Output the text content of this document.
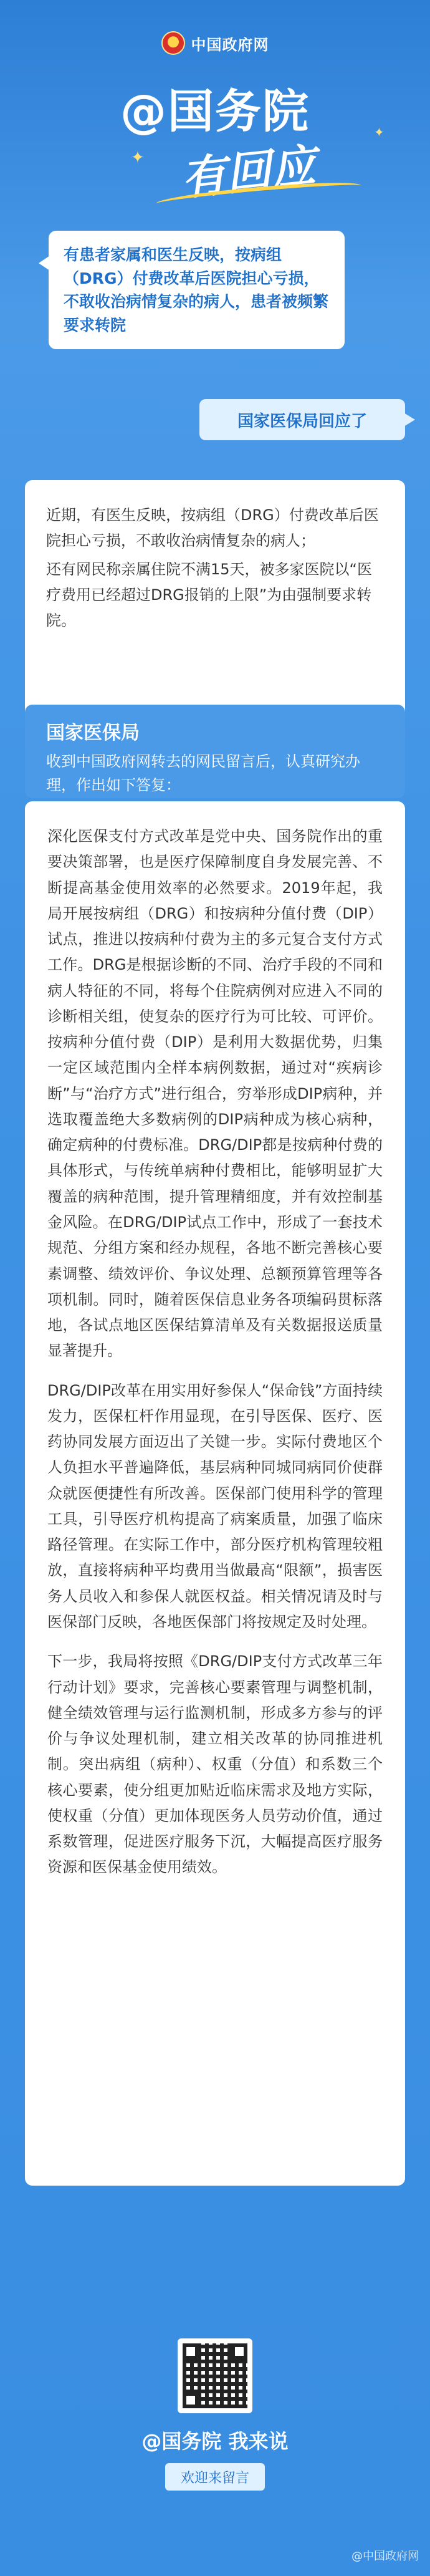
中国政府网
@国务院
有回应
✦
✦
有患者家属和医生反映，按病组（DRG）付费改革后医院担心亏损，不敢收治病情复杂的病人，患者被频繁要求转院
国家医保局回应了

近期，有医生反映，按病组（DRG）付费改革后医院担心亏损，不敢收治病情复杂的病人；

还有网民称亲属住院不满15天，被多家医院以“医疗费用已经超过DRG报销的上限”为由强制要求转院。

国家医保局
收到中国政府网转去的网民留言后，认真研究办理，作出如下答复：

深化医保支付方式改革是党中央、国务院作出的重要决策部署，也是医疗保障制度自身发展完善、不断提高基金使用效率的必然要求。2019年起，我局开展按病组（DRG）和按病种分值付费（DIP）试点，推进以按病种付费为主的多元复合支付方式工作。DRG是根据诊断的不同、治疗手段的不同和病人特征的不同，将每个住院病例对应进入不同的诊断相关组，使复杂的医疗行为可比较、可评价。按病种分值付费（DIP）是利用大数据优势，归集一定区域范围内全样本病例数据，通过对“疾病诊断”与“治疗方式”进行组合，穷举形成DIP病种，并选取覆盖绝大多数病例的DIP病种成为核心病种，确定病种的付费标准。DRG/DIP都是按病种付费的具体形式，与传统单病种付费相比，能够明显扩大覆盖的病种范围，提升管理精细度，并有效控制基金风险。在DRG/DIP试点工作中，形成了一套技术规范、分组方案和经办规程，各地不断完善核心要素调整、绩效评价、争议处理、总额预算管理等各项机制。同时，随着医保信息业务各项编码贯标落地，各试点地区医保结算清单及有关数据报送质量显著提升。

DRG/DIP改革在用实用好参保人“保命钱”方面持续发力，医保杠杆作用显现，在引导医保、医疗、医药协同发展方面迈出了关键一步。实际付费地区个人负担水平普遍降低，基层病种同城同病同价使群众就医便捷性有所改善。医保部门使用科学的管理工具，引导医疗机构提高了病案质量，加强了临床路径管理。在实际工作中，部分医疗机构管理较粗放，直接将病种平均费用当做最高“限额”，损害医务人员收入和参保人就医权益。相关情况请及时与医保部门反映，各地医保部门将按规定及时处理。

下一步，我局将按照《DRG/DIP支付方式改革三年行动计划》要求，完善核心要素管理与调整机制，健全绩效管理与运行监测机制，形成多方参与的评价与争议处理机制，建立相关改革的协同推进机制。突出病组（病种）、权重（分值）和系数三个核心要素，使分组更加贴近临床需求及地方实际，使权重（分值）更加体现医务人员劳动价值，通过系数管理，促进医疗服务下沉，大幅提高医疗服务资源和医保基金使用绩效。

@国务院 我来说
欢迎来留言
@中国政府网
